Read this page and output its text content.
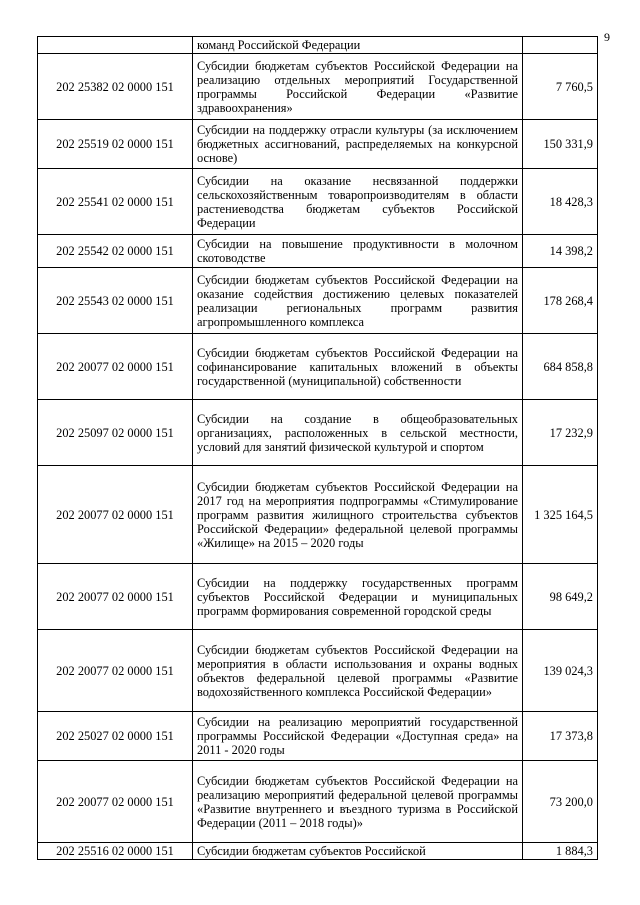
9
	команд Российской Федерации	
202 25382 02 0000 151	Субсидии бюджетам субъектов Российской Федерации на реализацию отдельных мероприятий Государственной программы Российской Федерации «Развитие здравоохранения»	7 760,5
202 25519 02 0000 151	Субсидии на поддержку отрасли культуры (за исключением бюджетных ассигнований, распределяемых на конкурсной основе)	150 331,9
202 25541 02 0000 151	Субсидии на оказание несвязанной поддержки сельскохозяйственным товаропроизводителям в области растениеводства бюджетам субъектов Российской Федерации	18 428,3
202 25542 02 0000 151	Субсидии на повышение продуктивности в молочном скотоводстве	14 398,2
202 25543 02 0000 151	Субсидии бюджетам субъектов Российской Федерации на оказание содействия достижению целевых показателей реализации региональных программ развития агропромышленного комплекса	178 268,4
202 20077 02 0000 151	Субсидии бюджетам субъектов Российской Федерации на софинансирование капитальных вложений в объекты государственной (муниципальной) собственности	684 858,8
202 25097 02 0000 151	Субсидии на создание в общеобразовательных организациях, расположенных в сельской местности, условий для занятий физической культурой и спортом	17 232,9
202 20077 02 0000 151	Субсидии бюджетам субъектов Российской Федерации на 2017 год на мероприятия подпрограммы «Стимулирование программ развития жилищного строительства субъектов Российской Федерации» федеральной целевой программы «Жилище» на 2015 – 2020 годы	1 325 164,5
202 20077 02 0000 151	Субсидии на поддержку государственных программ субъектов Российской Федерации и муниципальных программ формирования современной городской среды	98 649,2
202 20077 02 0000 151	Субсидии бюджетам субъектов Российской Федерации на мероприятия в области использования и охраны водных объектов федеральной целевой программы «Развитие водохозяйственного комплекса Российской Федерации»	139 024,3
202 25027 02 0000 151	Субсидии на реализацию мероприятий государственной программы Российской Федерации «Доступная среда» на 2011 - 2020 годы	17 373,8
202 20077 02 0000 151	Субсидии бюджетам субъектов Российской Федерации на реализацию мероприятий федеральной целевой программы «Развитие внутреннего и въездного туризма в Российской Федерации (2011 – 2018 годы)»	73 200,0
202 25516 02 0000 151	Субсидии бюджетам субъектов Российской	1 884,3
